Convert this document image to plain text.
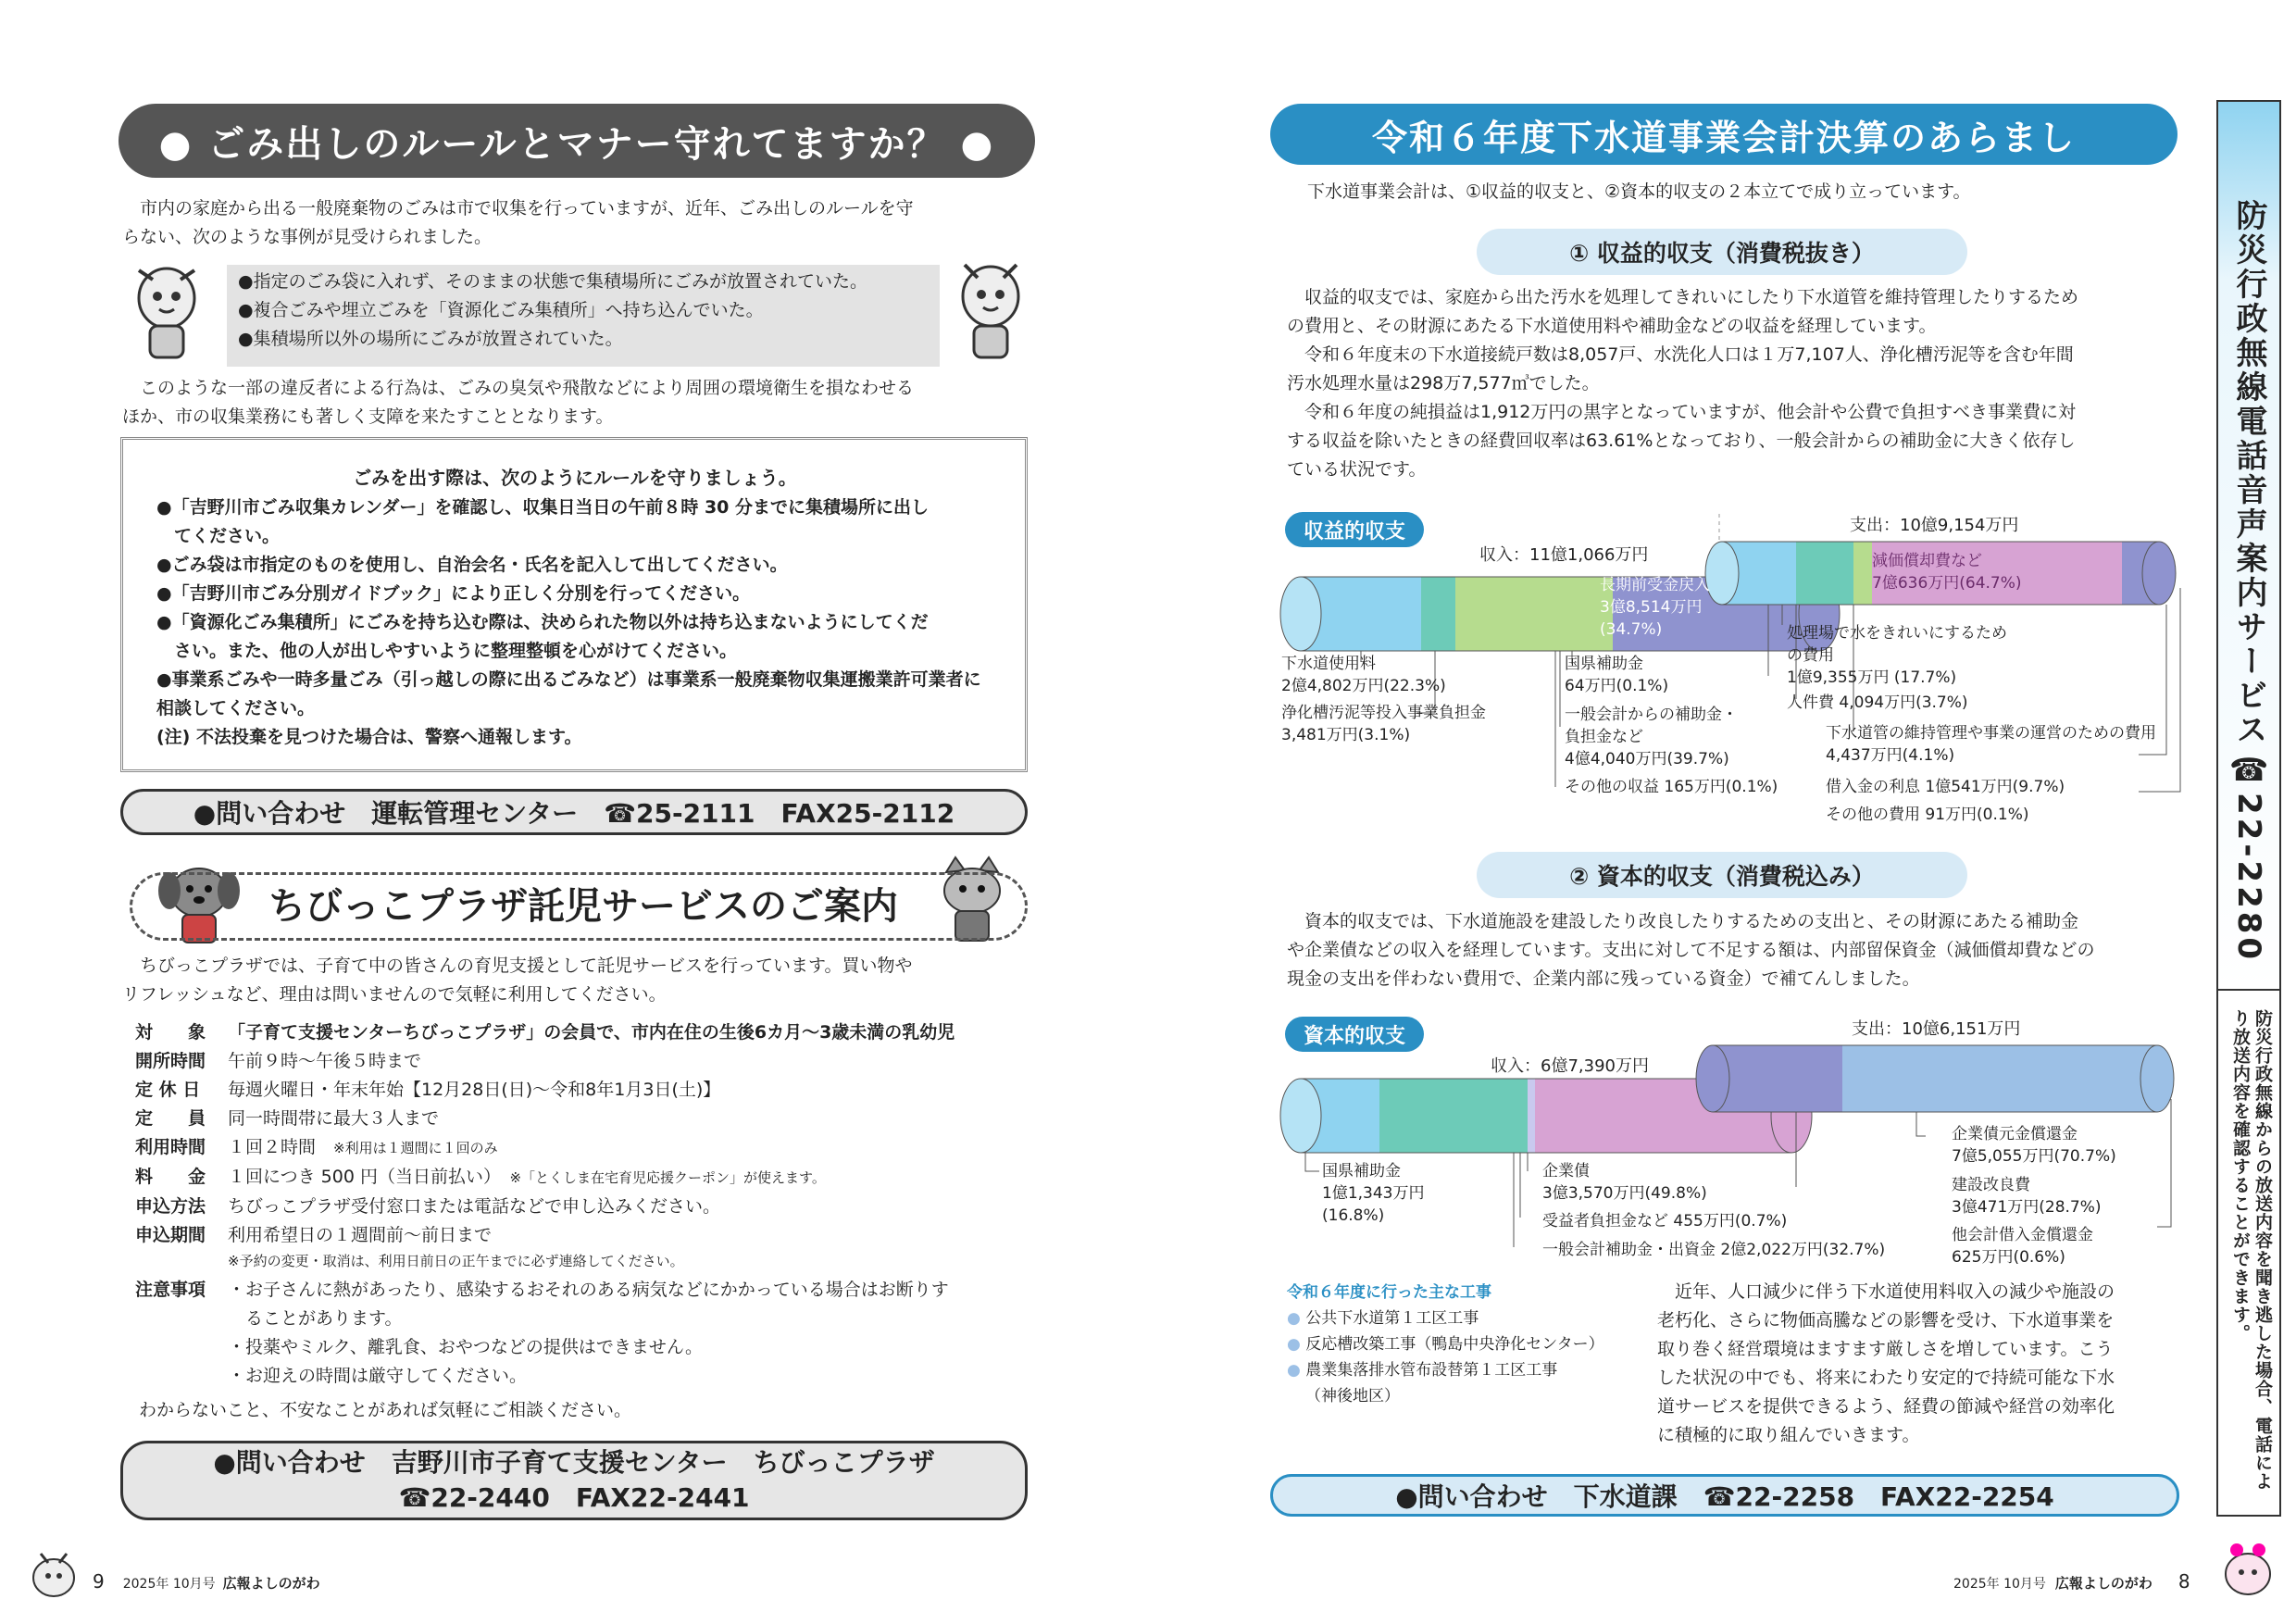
● ごみ出しのルールとマナー守れてますか？ ●
　市内の家庭から出る一般廃棄物のごみは市で収集を行っていますが、近年、ごみ出しのルールを守
らない、次のような事例が見受けられました。
●指定のごみ袋に入れず、そのままの状態で集積場所にごみが放置されていた。
●複合ごみや埋立ごみを「資源化ごみ集積所」へ持ち込んでいた。
●集積場所以外の場所にごみが放置されていた。
　このような一部の違反者による行為は、ごみの臭気や飛散などにより周囲の環境衛生を損なわせる
ほか、市の収集業務にも著しく支障を来たすこととなります。
ごみを出す際は、次のようにルールを守りましょう。
●「吉野川市ごみ収集カレンダー」を確認し、収集日当日の午前８時 30 分までに集積場所に出し
　てください。
●ごみ袋は市指定のものを使用し、自治会名・氏名を記入して出してください。
●「吉野川市ごみ分別ガイドブック」により正しく分別を行ってください。
●「資源化ごみ集積所」にごみを持ち込む際は、決められた物以外は持ち込まないようにしてくだ
　さい。また、他の人が出しやすいように整理整頓を心がけてください。
●事業系ごみや一時多量ごみ（引っ越しの際に出るごみなど）は事業系一般廃棄物収集運搬業許可業者に相談してください。
(注) 不法投棄を見つけた場合は、警察へ通報します。
●問い合わせ　運転管理センター　☎25-2111　FAX25-2112
ちびっこプラザ託児サービスのご案内
　ちびっこプラザでは、子育て中の皆さんの育児支援として託児サービスを行っています。買い物や
リフレッシュなど、理由は問いませんので気軽に利用してください。
対　　象 「子育て支援センターちびっこプラザ」の会員で、市内在住の生後6カ月〜3歳未満の乳幼児
開所時間 午前９時〜午後５時まで
定 休 日 毎週火曜日・年末年始【12月28日(日)〜令和8年1月3日(土)】
定　　員 同一時間帯に最大３人まで
利用時間 １回２時間　 ※利用は１週間に１回のみ
料　　金 １回につき 500 円（当日前払い）　 ※「とくしま在宅育児応援クーポン」が使えます。
申込方法 ちびっこプラザ受付窓口または電話などで申し込みください。
申込期間 利用希望日の１週間前〜前日まで
※予約の変更・取消は、利用日前日の正午までに必ず連絡してください。
注意事項	・お子さんに熱があったり、感染するおそれのある病気などにかかっている場合はお断りす
　ることがあります。
・投薬やミルク、離乳食、おやつなどの提供はできません。
・お迎えの時間は厳守してください。
わからないこと、不安なことがあれば気軽にご相談ください。
●問い合わせ　吉野川市子育て支援センター　ちびっこプラザ
☎22-2440　FAX22-2441
9 2025年 10月号 広報よしのがわ
令和６年度下水道事業会計決算のあらまし
下水道事業会計は、①収益的収支と、②資本的収支の２本立てで成り立っています。
① 収益的収支（消費税抜き）
　収益的収支では、家庭から出た汚水を処理してきれいにしたり下水道管を維持管理したりするため
の費用と、その財源にあたる下水道使用料や補助金などの収益を経理しています。
　令和６年度末の下水道接続戸数は8,057戸、水洗化人口は１万7,107人、浄化槽汚泥等を含む年間
汚水処理水量は298万7,577㎥でした。
　令和６年度の純損益は1,912万円の黒字となっていますが、他会計や公費で負担すべき事業費に対
する収益を除いたときの経費回収率は63.61%となっており、一般会計からの補助金に大きく依存し
ている状況です。
収益的収支
収入：11億1,066万円
支出：10億9,154万円
長期前受金戻入
3億8,514万円 (34.7%)
減価償却費など
7億636万円(64.7%)
下水道使用料
2億4,802万円(22.3%)
浄化槽汚泥等投入事業負担金
3,481万円(3.1%)
国県補助金
64万円(0.1%)
一般会計からの補助金・負担金など
4億4,040万円(39.7%)
その他の収益 165万円(0.1%)
処理場で水をきれいにするための費用
1億9,355万円 (17.7%)
人件費 4,094万円(3.7%)
下水道管の維持管理や事業の運営のための費用
4,437万円(4.1%)
借入金の利息 1億541万円(9.7%)
その他の費用 91万円(0.1%)
② 資本的収支（消費税込み）
　資本的収支では、下水道施設を建設したり改良したりするための支出と、その財源にあたる補助金
や企業債などの収入を経理しています。支出に対して不足する額は、内部留保資金（減価償却費などの
現金の支出を伴わない費用で、企業内部に残っている資金）で補てんしました。
資本的収支
収入：6億7,390万円
支出：10億6,151万円
国県補助金
1億1,343万円 (16.8%)
企業債
3億3,570万円(49.8%)
受益者負担金など 455万円(0.7%)
一般会計補助金・出資金 2億2,022万円(32.7%)
企業債元金償還金
7億5,055万円(70.7%)
建設改良費
3億471万円(28.7%)
他会計借入金償還金
625万円(0.6%)
令和６年度に行った主な工事
● 公共下水道第１工区工事
● 反応槽改築工事（鴨島中央浄化センター）
● 農業集落排水管布設替第１工区工事
（神後地区）
　近年、人口減少に伴う下水道使用料収入の減少や施設の
老朽化、さらに物価高騰などの影響を受け、下水道事業を
取り巻く経営環境はますます厳しさを増しています。こう
した状況の中でも、将来にわたり安定的で持続可能な下水
道サービスを提供できるよう、経費の節減や経営の効率化
に積極的に取り組んでいきます。
●問い合わせ　下水道課　☎22-2258　FAX22-2254
2025年 10月号 広報よしのがわ 8
防災行政無線電話音声案内サービス
☎22-2280
防災行政無線からの放送内容を聞き逃した場合、電話により放送内容を確認することができます。
